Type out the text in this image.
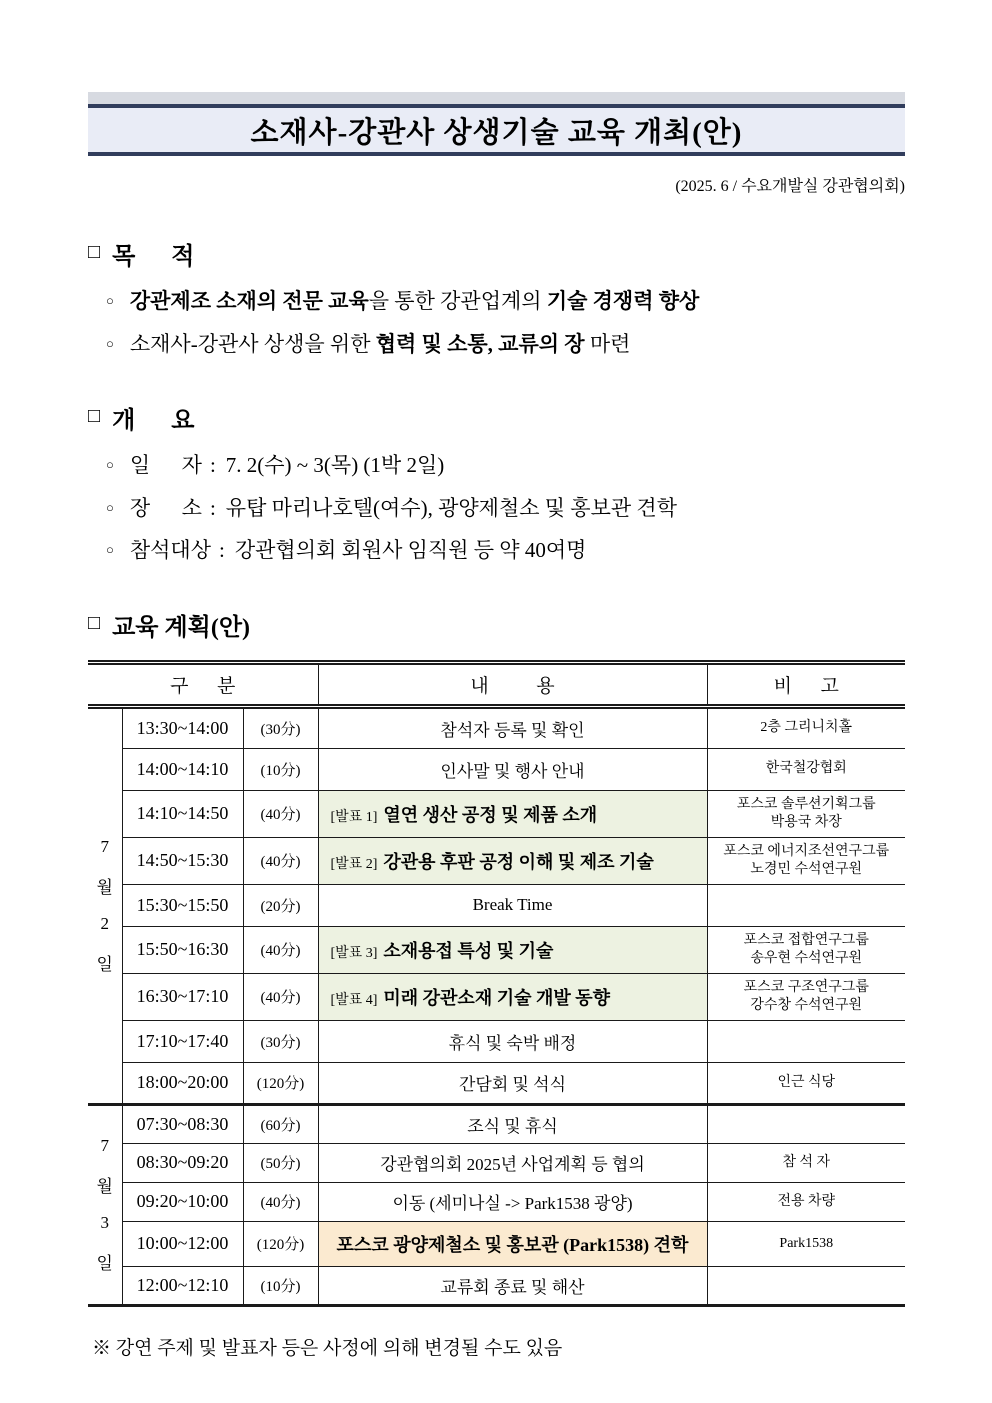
소재사-강관사 상생기술 교육 개최(안)
(2025. 6 / 수요개발실 강관협의회)
□ 목      적
○ 강관제조 소재의 전문 교육을 통한 강관업계의 기술 경쟁력 향상
○ 소재사-강관사 상생을 위한 협력 및 소통, 교류의 장 마련
□ 개      요
○ 일      자 : 7. 2(수) ~ 3(목) (1박 2일)
○ 장      소 : 유탑 마리나호텔(여수), 광양제철소 및 홍보관 견학
○ 참석대상 : 강관협의회 회원사 임직원 등 약 40여명
□ 교육 계획(안)
구      분			내          용	비      고

7
월
2
일	13:30~14:00	(30分)	참석자 등록 및 확인	2층 그리니치홀
	14:00~14:10	(10分)	인사말 및 행사 안내	한국철강협회
	14:10~14:50	(40分)	[발표 1] 열연 생산 공정 및 제품 소개	포스코 솔루션기획그룹
박용국 차장

	14:50~15:30	(40分)	[발표 2] 강관용 후판 공정 이해 및 제조 기술	포스코 에너지조선연구그룹
노경민 수석연구원

	15:30~15:50	(20分)	Break Time	
	15:50~16:30	(40分)	[발표 3] 소재용접 특성 및 기술	포스코 접합연구그룹
송우현 수석연구원

	16:30~17:10	(40分)	[발표 4] 미래 강관소재 기술 개발 동향	포스코 구조연구그룹
강수창 수석연구원

	17:10~17:40	(30分)	휴식 및 숙박 배정	
	18:00~20:00	(120分)	간담회 및 석식	인근 식당

7
월
3
일	07:30~08:30	(60分)	조식 및 휴식	
	08:30~09:20	(50分)	강관협의회 2025년 사업계획 등 협의	참 석 자
	09:20~10:00	(40分)	이동 (세미나실 -> Park1538 광양)	전용 차량
	10:00~12:00	(120分)	포스코 광양제철소 및 홍보관 (Park1538) 견학	Park1538
	12:00~12:10	(10分)	교류회 종료 및 해산	
※ 강연 주제 및 발표자 등은 사정에 의해 변경될 수도 있음
